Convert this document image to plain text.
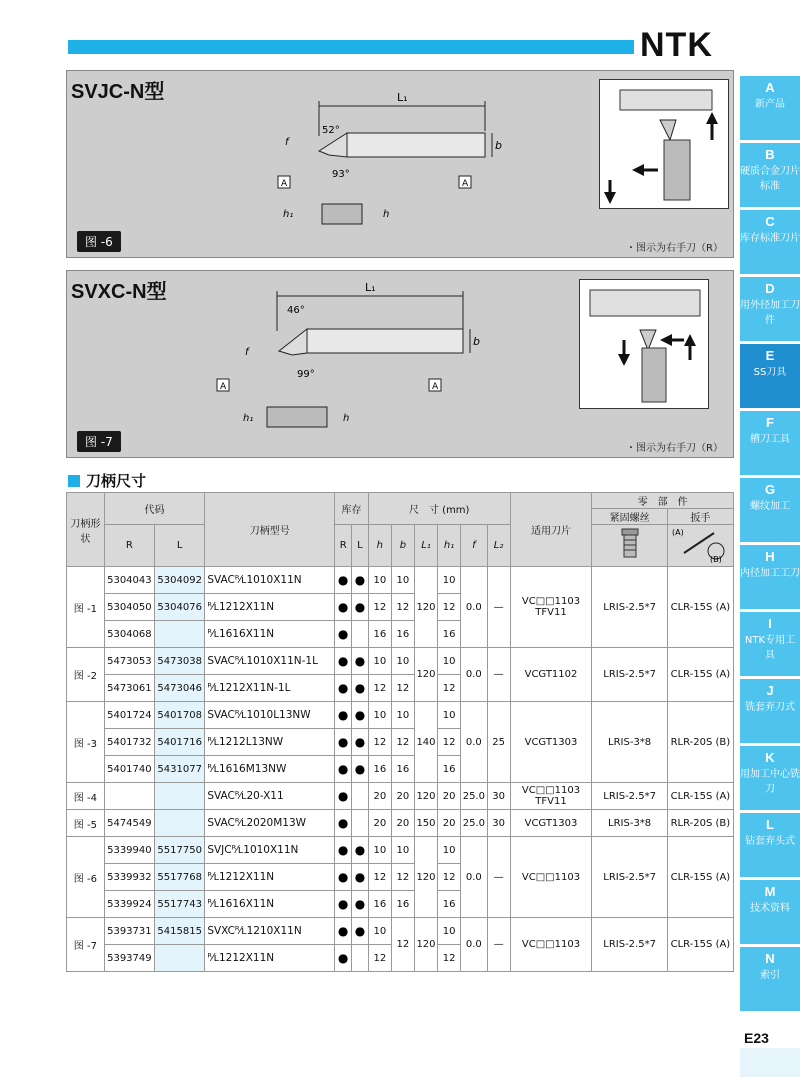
NTK
SVJC-N型	L₁
52°
93°
f	b
A	A
h₁	h
图 -6	・图示为右手刀（R）
SVXC-N型	L₁
46°
99°
f
b
A	A
h₁	h
图 -7	・图示为右手刀（R）
刀柄尺寸
刀柄形状	代码		刀柄型号	库存		尺　寸 (mm)						适用刀片	零　部　件	
													紧固螺丝	扳手
	R	L		R	L	h	b	L₁	h₁	f	L₂			(A)
(B)

图 -1	5304043	5304092	SVACᴿ⁄ʟ1010X11N	●	●	10	10	120	10	0.0	—	VC□□1103 TFV11	LRIS-2.5*7	CLR-15S (A)
	5304050	5304076	ᴿ⁄ʟ1212X11N	●	●	12	12		12					
	5304068		ᴿ⁄ʟ1616X11N	●		16	16		16					
图 -2	5473053	5473038	SVACᴿ⁄ʟ1010X11N-1L	●	●	10	10	120	10	0.0	—	VCGT1102	LRIS-2.5*7	CLR-15S (A)
	5473061	5473046	ᴿ⁄ʟ1212X11N-1L	●	●	12	12		12					
图 -3	5401724	5401708	SVACᴿ⁄ʟ1010L13NW	●	●	10	10	140	10	0.0	25	VCGT1303	LRIS-3*8	RLR-20S (B)
	5401732	5401716	ᴿ⁄ʟ1212L13NW	●	●	12	12		12					
	5401740	5431077	ᴿ⁄ʟ1616M13NW	●	●	16	16		16					
图 -4			SVACᴿ⁄ʟ20-X11	●		20	20	120	20	25.0	30	VC□□1103 TFV11	LRIS-2.5*7	CLR-15S (A)
图 -5	5474549		SVACᴿ⁄ʟ2020M13W	●		20	20	150	20	25.0	30	VCGT1303	LRIS-3*8	RLR-20S (B)
图 -6	5339940	5517750	SVJCᴿ⁄ʟ1010X11N	●	●	10	10	120	10	0.0	—	VC□□1103	LRIS-2.5*7	CLR-15S (A)
	5339932	5517768	ᴿ⁄ʟ1212X11N	●	●	12	12		12					
	5339924	5517743	ᴿ⁄ʟ1616X11N	●	●	16	16		16					
图 -7	5393731	5415815	SVXCᴿ⁄ʟ1210X11N	●	●	10	12	120	10	0.0	—	VC□□1103	LRIS-2.5*7	CLR-15S (A)
	5393749		ᴿ⁄ʟ1212X11N	●		12			12					
A
新产品
B
硬质合金刀片标准
C
库存标准刀片
D
用外径加工刀件
E
SS刀具
F
槽刀工具
G
螺纹加工
H
内径加工工刀
I
NTK专用工具
J
铣套弃刀式
K
用加工中心铣刀
L
钻套弃头式
M
技术资料
N
索引
E23
